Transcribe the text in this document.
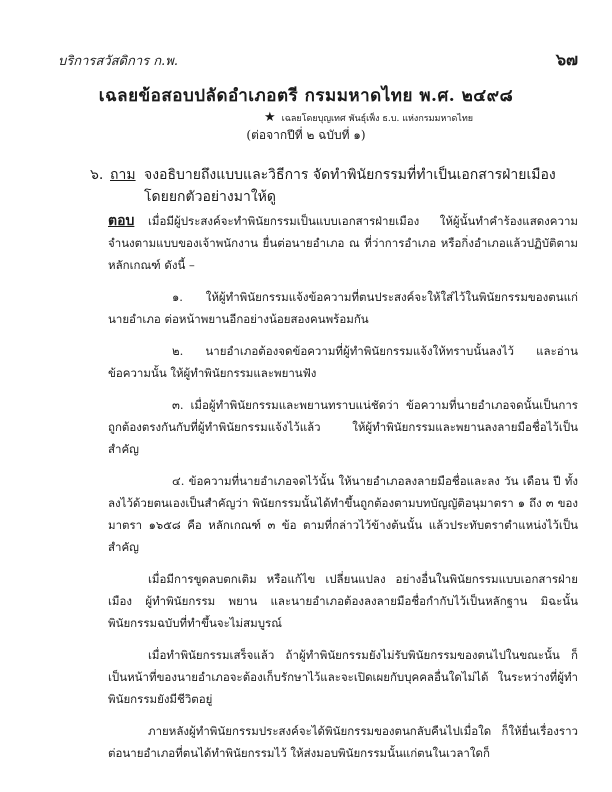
บริการสวัสดิการ ก.พ.	๖๗
เฉลยข้อสอบปลัดอำเภอตรี กรมมหาดไทย พ.ศ. ๒๔๙๘
★ เฉลยโดยบุญเทศ พันธุ์เพ็ง ธ.บ. แห่งกรมมหาดไทย
(ต่อจากปีที่ ๒ ฉบับที่ ๑)
๖. ถาม จงอธิบายถึงแบบและวิธีการ จัดทำพินัยกรรมที่ทำเป็นเอกสารฝ่ายเมือง โดยยกตัวอย่างมาให้ดู
ตอบ	เมื่อมีผู้ประสงค์จะทำพินัยกรรมเป็นแบบเอกสารฝ่ายเมือง ให้ผู้นั้นทำคำร้องแสดงความจำนงตามแบบของเจ้าพนักงาน ยื่นต่อนายอำเภอ ณ ที่ว่าการอำเภอ หรือกิ่งอำเภอแล้วปฏิบัติตามหลักเกณฑ์ ดังนี้ –

๑. ให้ผู้ทำพินัยกรรมแจ้งข้อความที่ตนประสงค์จะให้ใส่ไว้ในพินัยกรรมของตนแก่นายอำเภอ ต่อหน้าพยานอีกอย่างน้อยสองคนพร้อมกัน

๒. นายอำเภอต้องจดข้อความที่ผู้ทำพินัยกรรมแจ้งให้ทราบนั้นลงไว้ และอ่านข้อความนั้น ให้ผู้ทำพินัยกรรมและพยานฟัง

๓. เมื่อผู้ทำพินัยกรรมและพยานทราบแน่ชัดว่า ข้อความที่นายอำเภอจดนั้นเป็นการถูกต้องตรงกันกับที่ผู้ทำพินัยกรรมแจ้งไว้แล้ว ให้ผู้ทำพินัยกรรมและพยานลงลายมือชื่อไว้เป็นสำคัญ

๔. ข้อความที่นายอำเภอจดไว้นั้น ให้นายอำเภอลงลายมือชื่อและลง วัน เดือน ปี ทั้งลงไว้ด้วยตนเองเป็นสำคัญว่า พินัยกรรมนั้นได้ทำขึ้นถูกต้องตามบทบัญญัติอนุมาตรา ๑ ถึง ๓ ของมาตรา ๑๖๕๘ คือ หลักเกณฑ์ ๓ ข้อ ตามที่กล่าวไว้ข้างต้นนั้น แล้วประทับตราตำแหน่งไว้เป็นสำคัญ

เมื่อมีการขูดลบตกเติม หรือแก้ไข เปลี่ยนแปลง อย่างอื่นในพินัยกรรมแบบเอกสารฝ่ายเมือง ผู้ทำพินัยกรรม พยาน และนายอำเภอต้องลงลายมือชื่อกำกับไว้เป็นหลักฐาน มิฉะนั้นพินัยกรรมฉบับที่ทำขึ้นจะไม่สมบูรณ์

เมื่อทำพินัยกรรมเสร็จแล้ว ถ้าผู้ทำพินัยกรรมยังไม่รับพินัยกรรมของตนไปในขณะนั้น ก็เป็นหน้าที่ของนายอำเภอจะต้องเก็บรักษาไว้และจะเปิดเผยกับบุคคลอื่นใดไม่ได้ ในระหว่างที่ผู้ทำพินัยกรรมยังมีชีวิตอยู่

ภายหลังผู้ทำพินัยกรรมประสงค์จะได้พินัยกรรมของตนกลับคืนไปเมื่อใด ก็ให้ยื่นเรื่องราวต่อนายอำเภอที่ตนได้ทำพินัยกรรมไว้ ให้ส่งมอบพินัยกรรมนั้นแก่ตนในเวลาใดก็
